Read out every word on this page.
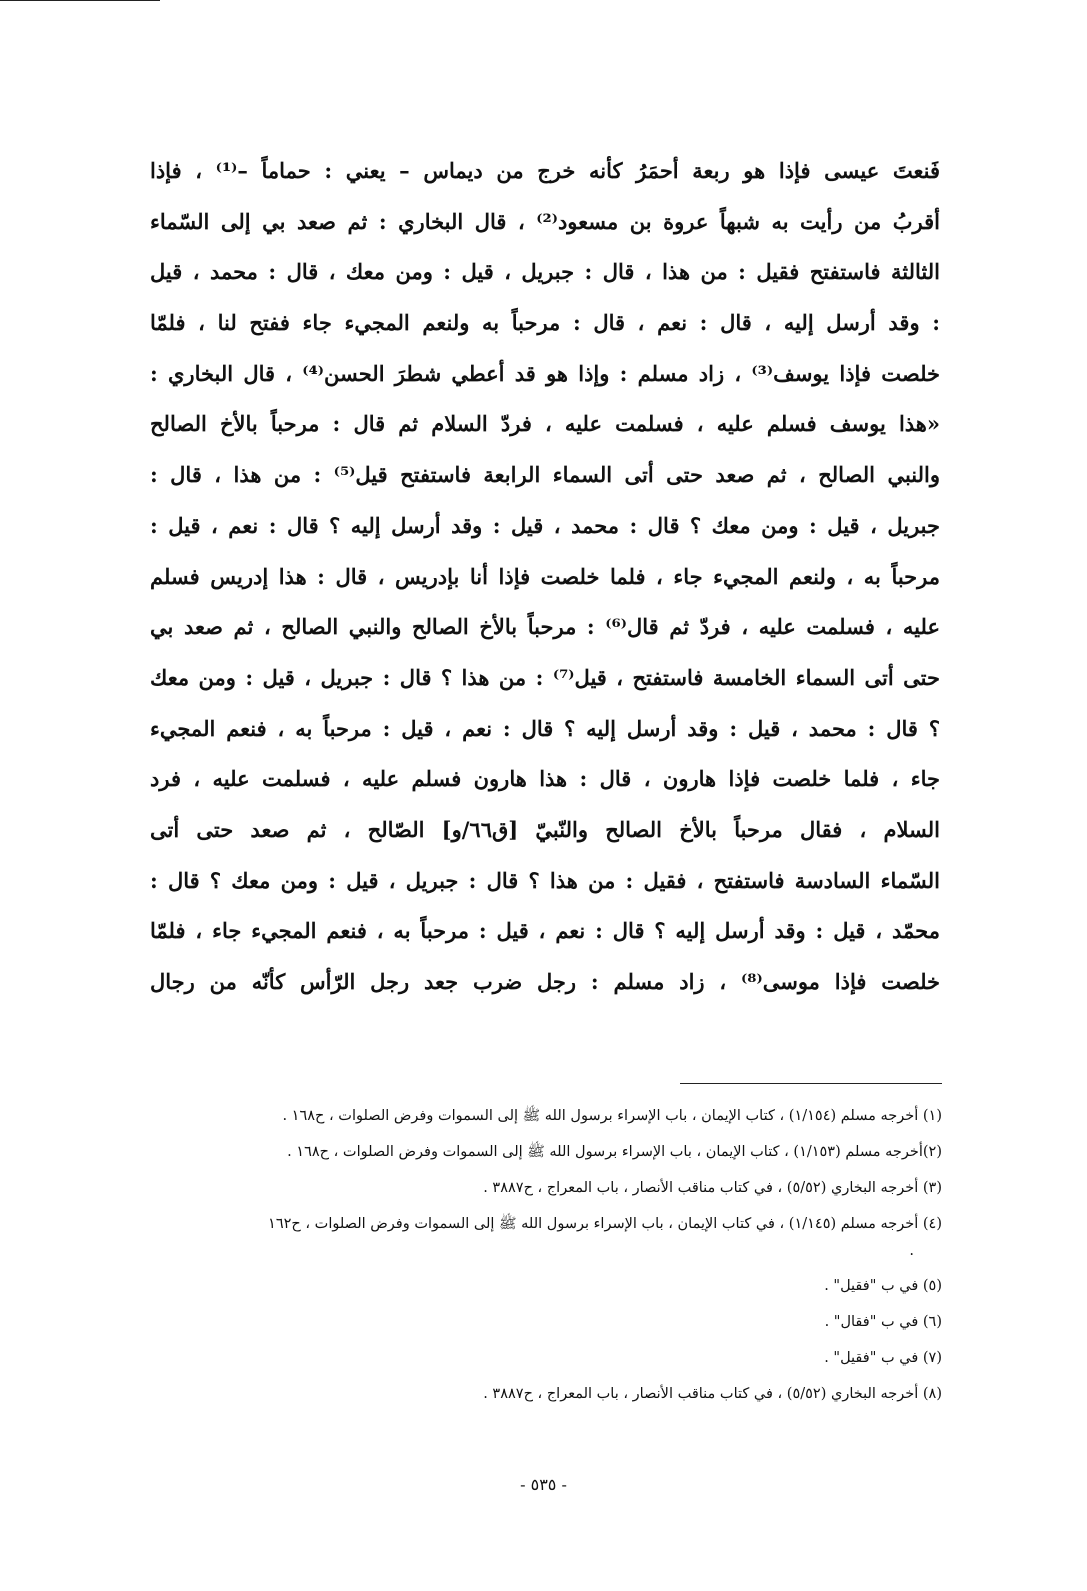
فَنعتَ عيسى فإذا هو ربعة أحمَرُ كأنه خرج من ديماس – يعني : حماماً –⁽¹⁾ ، فإذا
أقربُ من رأيت به شبهاً عروة بن مسعود⁽²⁾ ، قال البخاري : ثم صعد بي إلى السّماء
الثالثة فاستفتح فقيل : من هذا ، قال : جبريل ، قيل : ومن معك ، قال : محمد ، قيل
: وقد أرسل إليه ، قال : نعم ، قال : مرحباً به ولنعم المجيء جاء ففتح لنا ، فلمّا
خلصت فإذا يوسف⁽³⁾ ، زاد مسلم : وإذا هو قد أعطي شطرَ الحسن⁽⁴⁾ ، قال البخاري :
«هذا يوسف فسلم عليه ، فسلمت عليه ، فردّ السلام ثم قال : مرحباً بالأخ الصالح
والنبي الصالح ، ثم صعد حتى أتى السماء الرابعة فاستفتح قيل⁽⁵⁾ : من هذا ، قال :
جبريل ، قيل : ومن معك ؟ قال : محمد ، قيل : وقد أرسل إليه ؟ قال : نعم ، قيل :
مرحباً به ، ولنعم المجيء جاء ، فلما خلصت فإذا أنا بإدريس ، قال : هذا إدريس فسلم
عليه ، فسلمت عليه ، فردّ ثم قال⁽⁶⁾ : مرحباً بالأخ الصالح والنبي الصالح ، ثم صعد بي
حتى أتى السماء الخامسة فاستفتح ، قيل⁽⁷⁾ : من هذا ؟ قال : جبريل ، قيل : ومن معك
؟ قال : محمد ، قيل : وقد أرسل إليه ؟ قال : نعم ، قيل : مرحباً به ، فنعم المجيء
جاء ، فلما خلصت فإذا هارون ، قال : هذا هارون فسلم عليه ، فسلمت عليه ، فرد
السلام ، فقال مرحباً بالأخ الصالح والنّبيّ [ق٦٦/و] الصّالح ، ثم صعد حتى أتى
السّماء السادسة فاستفتح ، فقيل : من هذا ؟ قال : جبريل ، قيل : ومن معك ؟ قال :
محمّد ، قيل : وقد أرسل إليه ؟ قال : نعم ، قيل : مرحباً به ، فنعم المجيء جاء ، فلمّا
خلصت فإذا موسى⁽⁸⁾ ، زاد مسلم : رجل ضرب جعد رجل الرّأس كأنّه من رجال
(١) أخرجه مسلم (١/١٥٤) ، كتاب الإيمان ، باب الإسراء برسول الله ﷺ إلى السموات وفرض الصلوات ، ح١٦٨ .
(٢)أخرجه مسلم (١/١٥٣) ، كتاب الإيمان ، باب الإسراء برسول الله ﷺ إلى السموات وفرض الصلوات ، ح١٦٨ .
(٣) أخرجه البخاري (٥/٥٢) ، في كتاب مناقب الأنصار ، باب المعراج ، ح٣٨٨٧ .
(٤) أخرجه مسلم (١/١٤٥) ، في كتاب الإيمان ، باب الإسراء برسول الله ﷺ إلى السموات وفرض الصلوات ، ح١٦٢
.
(٥) في ب "فقيل" .
(٦) في ب "فقال" .
(٧) في ب "فقيل" .
(٨) أخرجه البخاري (٥/٥٢) ، في كتاب مناقب الأنصار ، باب المعراج ، ح٣٨٨٧ .
- ٥٣٥ -
